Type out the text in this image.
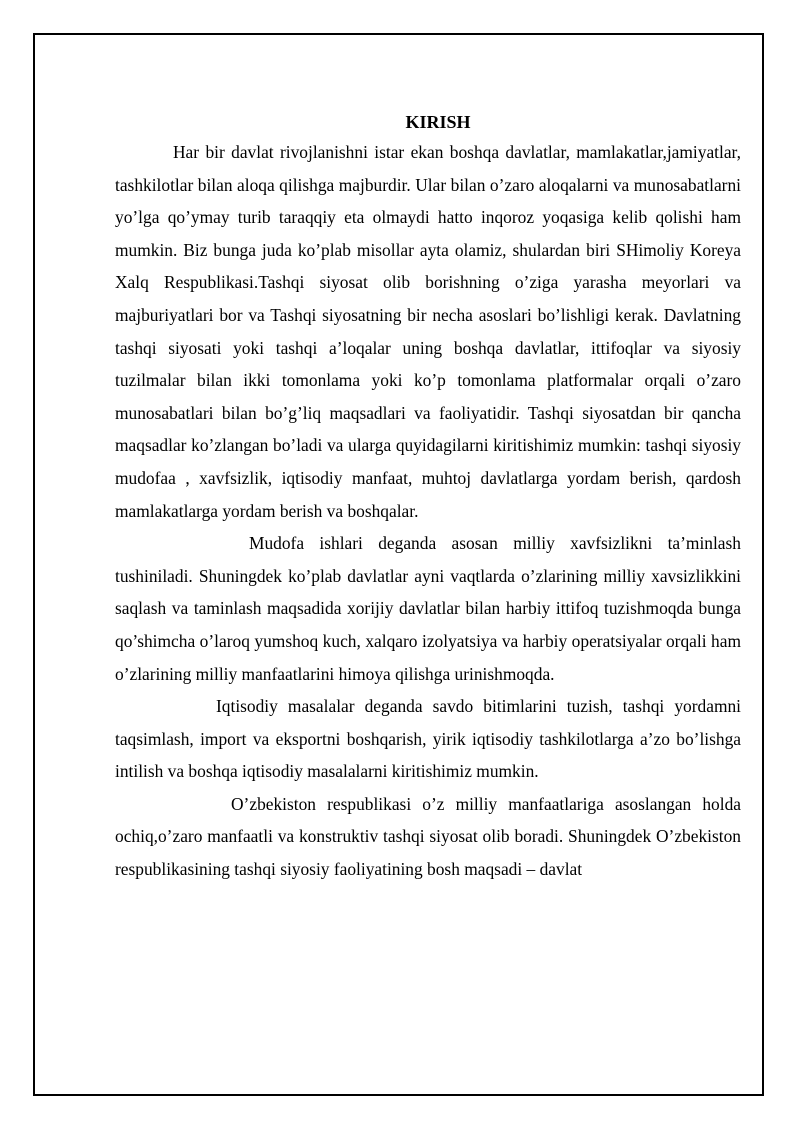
KIRISH

Har bir davlat rivojlanishni istar ekan boshqa davlatlar, mamlakatlar,jamiyatlar, tashkilotlar bilan aloqa qilishga majburdir. Ular bilan o’zaro aloqalarni va munosabatlarni yo’lga qo’ymay turib taraqqiy eta olmaydi hatto inqoroz yoqasiga kelib qolishi ham mumkin. Biz bunga juda ko’plab misollar ayta olamiz, shulardan biri SHimoliy Koreya Xalq Respublikasi.Tashqi siyosat olib borishning o’ziga yarasha meyorlari va majburiyatlari bor va Tashqi siyosatning bir necha asoslari bo’lishligi kerak. Davlatning tashqi siyosati yoki tashqi a’loqalar uning boshqa davlatlar, ittifoqlar va siyosiy tuzilmalar bilan ikki tomonlama yoki ko’p tomonlama platformalar orqali o’zaro munosabatlari bilan bo’g’liq maqsadlari va faoliyatidir. Tashqi siyosatdan bir qancha maqsadlar ko’zlangan bo’ladi va ularga quyidagilarni kiritishimiz mumkin: tashqi siyosiy mudofaa , xavfsizlik, iqtisodiy manfaat, muhtoj davlatlarga yordam berish, qardosh mamlakatlarga yordam berish va boshqalar.

Mudofa ishlari deganda asosan milliy xavfsizlikni ta’minlash tushiniladi. Shuningdek ko’plab davlatlar ayni vaqtlarda o’zlarining milliy xavsizlikkini saqlash va taminlash maqsadida xorijiy davlatlar bilan harbiy ittifoq tuzishmoqda bunga qo’shimcha o’laroq yumshoq kuch, xalqaro izolyatsiya va harbiy operatsiyalar orqali ham o’zlarining milliy manfaatlarini himoya qilishga urinishmoqda.

Iqtisodiy masalalar deganda savdo bitimlarini tuzish, tashqi yordamni taqsimlash, import va eksportni boshqarish, yirik iqtisodiy tashkilotlarga a’zo bo’lishga intilish va boshqa iqtisodiy masalalarni kiritishimiz mumkin.

O’zbekiston respublikasi o’z milliy manfaatlariga asoslangan holda ochiq,o’zaro manfaatli va konstruktiv tashqi siyosat olib boradi. Shuningdek O’zbekiston respublikasining tashqi siyosiy faoliyatining bosh maqsadi – davlat
